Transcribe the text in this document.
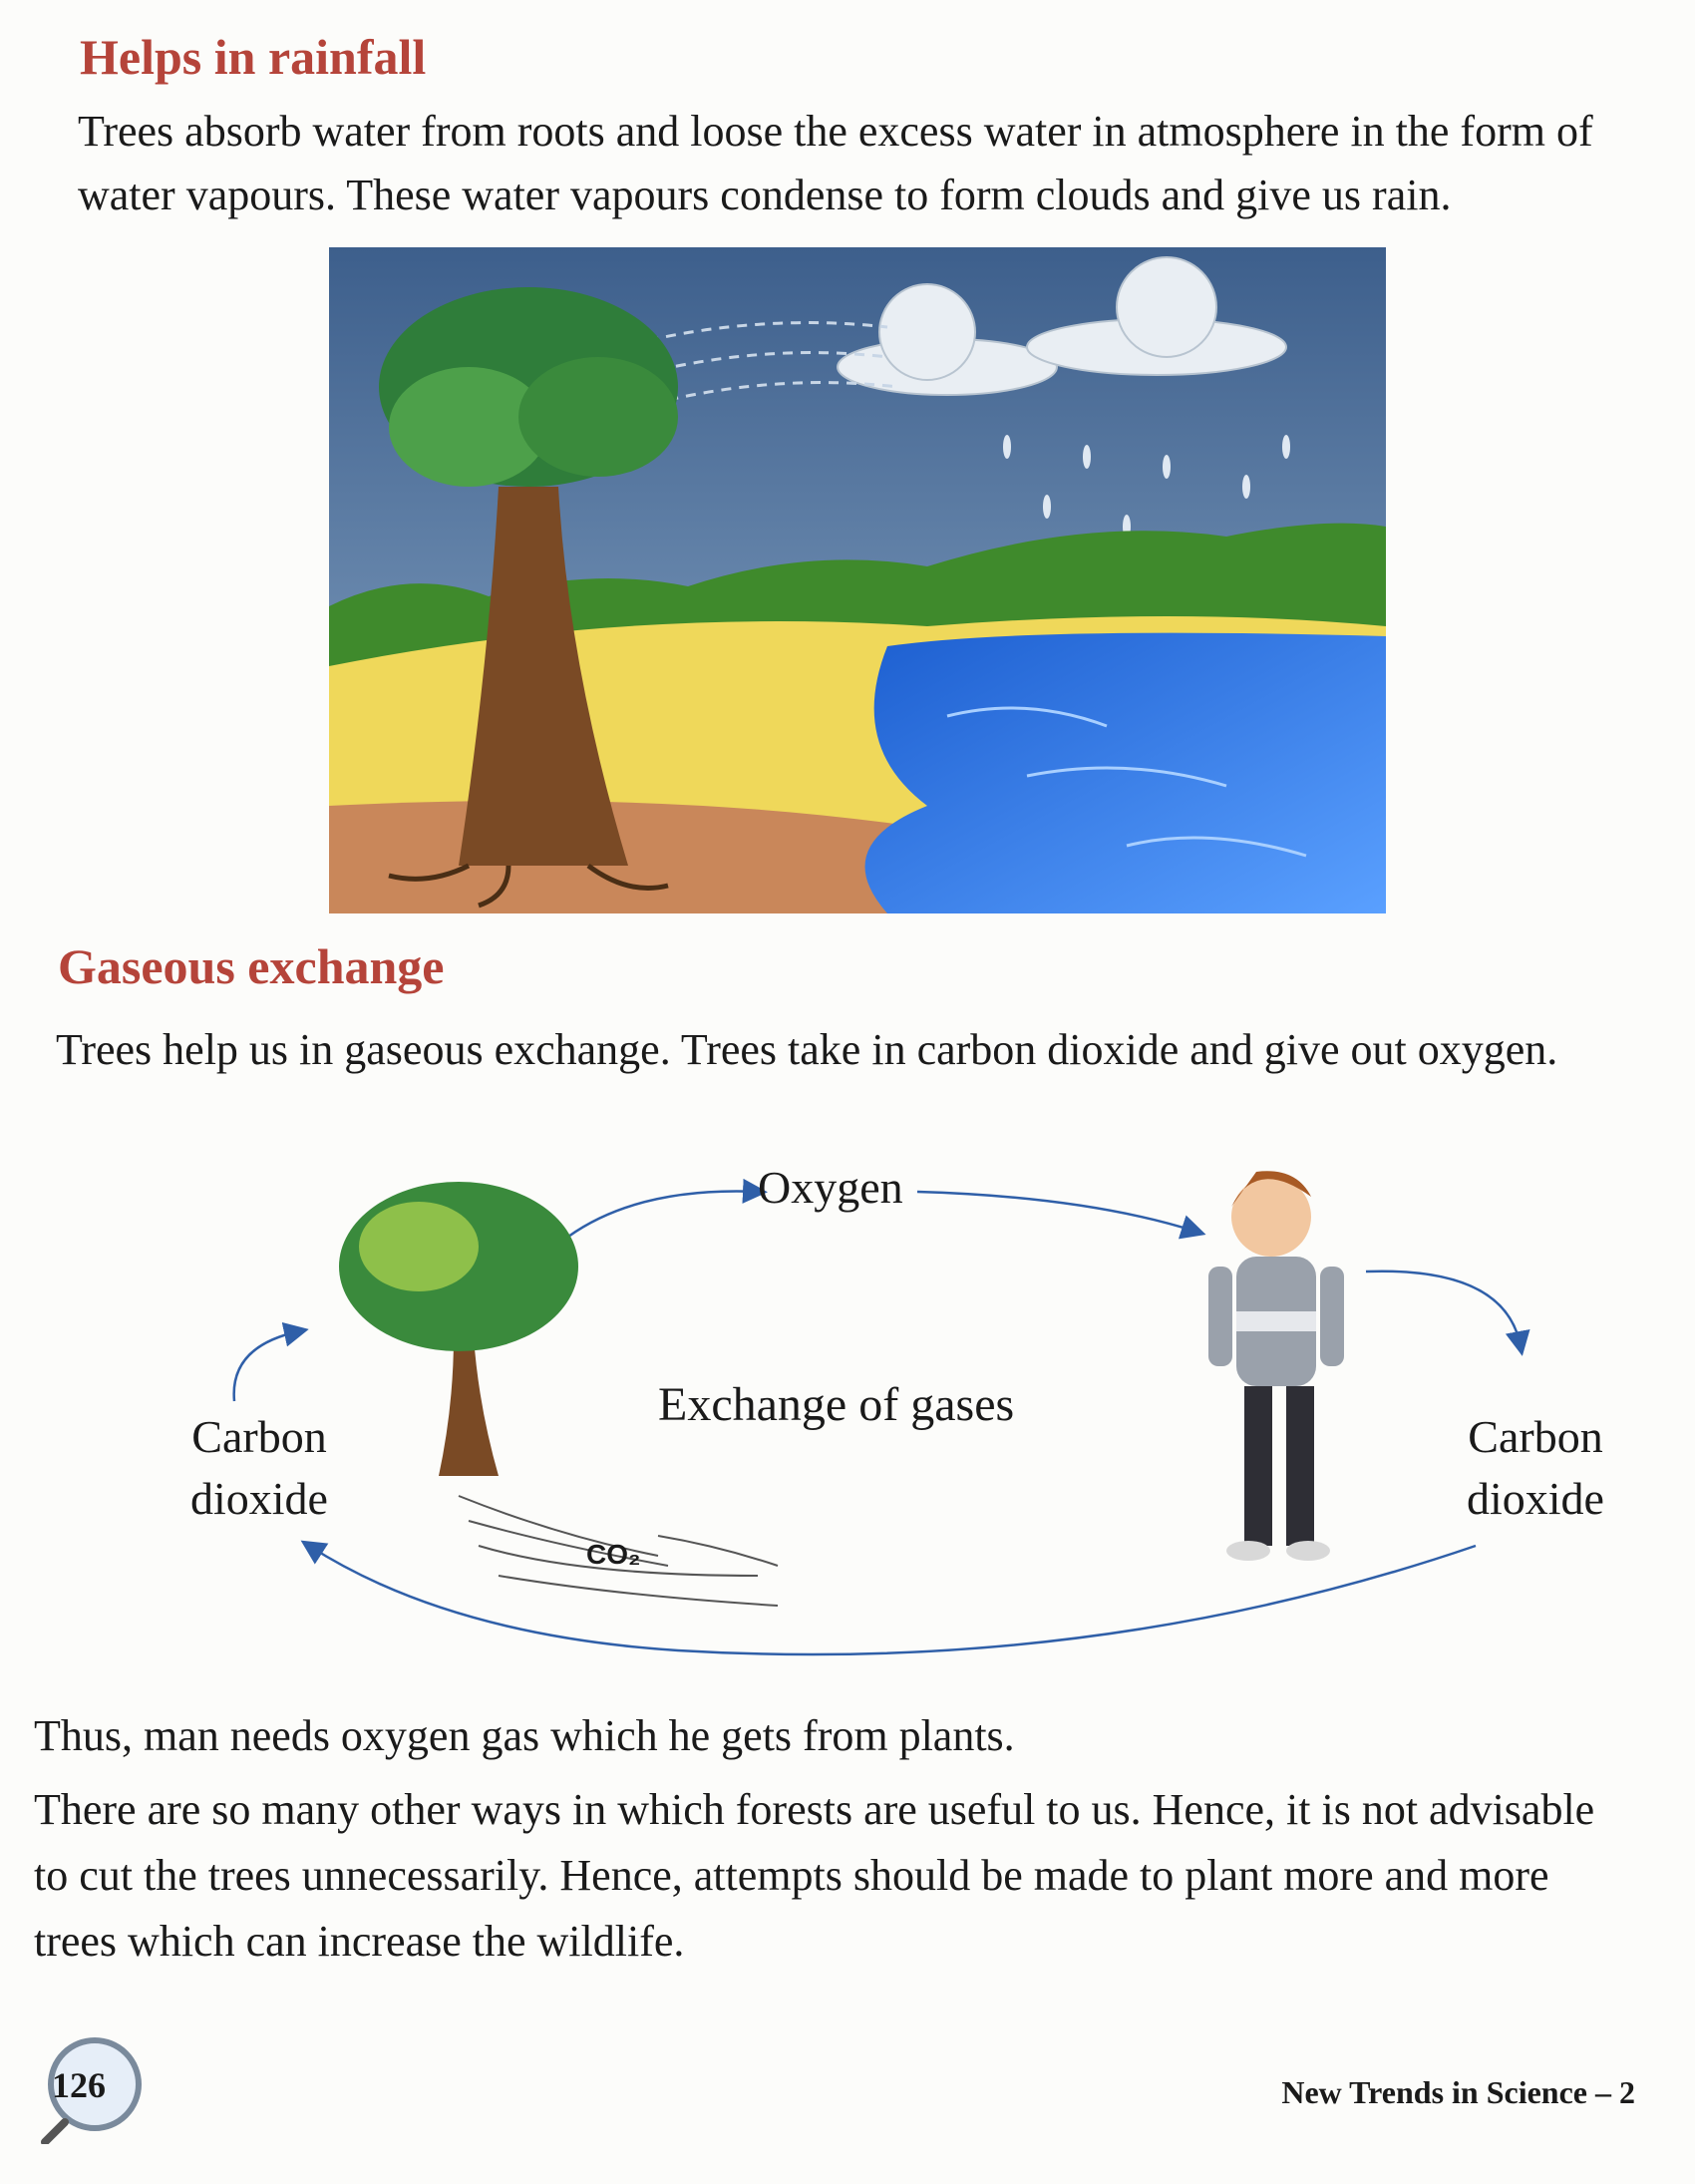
Helps in rainfall
Trees absorb water from roots and loose the excess water in atmosphere in the form of water vapours. These water vapours condense to form clouds and give us rain.
Gaseous exchange
Trees help us in gaseous exchange. Trees take in carbon dioxide and give out oxygen.
Oxygen
Exchange of gases
Carbon dioxide
Carbon dioxide
CO₂
Thus, man needs oxygen gas which he gets from plants.
There are so many other ways in which forests are useful to us. Hence, it is not advisable to cut the trees unnecessarily. Hence, attempts should be made to plant more and more trees which can increase the wildlife.
126	New Trends in Science – 2
